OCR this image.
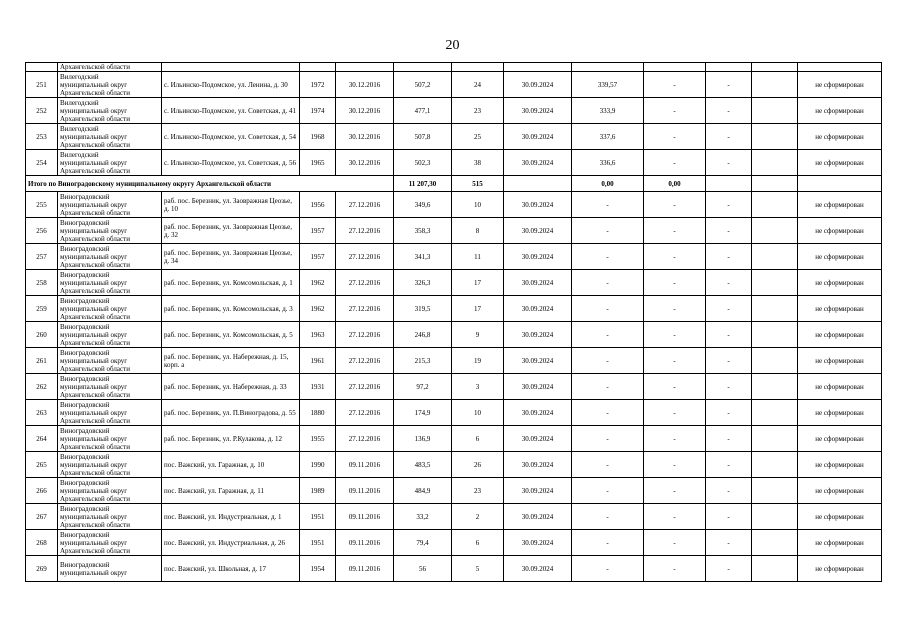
20
	Архангельской области											
251	Вилегодский
муниципальный округ
Архангельской области	с. Ильинско-Подомское, ул. Ленина, д. 30	1972	30.12.2016	507,2	24	30.09.2024	339,57	-	-		не сформирован
252	Вилегодский
муниципальный округ
Архангельской области	с. Ильинско-Подомское, ул. Советская, д. 41	1974	30.12.2016	477,1	23	30.09.2024	333,9	-	-		не сформирован
253	Вилегодский
муниципальный округ
Архангельской области	с. Ильинско-Подомское, ул. Советская, д. 54	1968	30.12.2016	507,8	25	30.09.2024	337,6	-	-		не сформирован
254	Вилегодский
муниципальный округ
Архангельской области	с. Ильинско-Подомское, ул. Советская, д. 56	1965	30.12.2016	502,3	38	30.09.2024	336,6	-	-		не сформирован
Итого по Виноградовскому муниципальному округу Архангельской области					11 207,30	515		0,00	0,00			
255	Виноградовский
муниципальный округ
Архангельской области	раб. пос. Березник, ул. Заовражная Цеозье, д. 10	1956	27.12.2016	349,6	10	30.09.2024	-	-	-		не сформирован
256	Виноградовский
муниципальный округ
Архангельской области	раб. пос. Березник, ул. Заовражная Цеозье, д. 32	1957	27.12.2016	358,3	8	30.09.2024	-	-	-		не сформирован
257	Виноградовский
муниципальный округ
Архангельской области	раб. пос. Березник, ул. Заовражная Цеозье, д. 34	1957	27.12.2016	341,3	11	30.09.2024	-	-	-		не сформирован
258	Виноградовский
муниципальный округ
Архангельской области	раб. пос. Березник, ул. Комсомольская, д. 1	1962	27.12.2016	326,3	17	30.09.2024	-	-	-		не сформирован
259	Виноградовский
муниципальный округ
Архангельской области	раб. пос. Березник, ул. Комсомольская, д. 3	1962	27.12.2016	319,5	17	30.09.2024	-	-	-		не сформирован
260	Виноградовский
муниципальный округ
Архангельской области	раб. пос. Березник, ул. Комсомольская, д. 5	1963	27.12.2016	246,8	9	30.09.2024	-	-	-		не сформирован
261	Виноградовский
муниципальный округ
Архангельской области	раб. пос. Березник, ул. Набережная, д. 15, корп. а	1961	27.12.2016	215,3	19	30.09.2024	-	-	-		не сформирован
262	Виноградовский
муниципальный округ
Архангельской области	раб. пос. Березник, ул. Набережная, д. 33	1931	27.12.2016	97,2	3	30.09.2024	-	-	-		не сформирован
263	Виноградовский
муниципальный округ
Архангельской области	раб. пос. Березник, ул. П.Виноградова, д. 55	1880	27.12.2016	174,9	10	30.09.2024	-	-	-		не сформирован
264	Виноградовский
муниципальный округ
Архангельской области	раб. пос. Березник, ул. Р.Кулакова, д. 12	1955	27.12.2016	136,9	6	30.09.2024	-	-	-		не сформирован
265	Виноградовский
муниципальный округ
Архангельской области	пос. Важский, ул. Гаражная, д. 10	1990	09.11.2016	483,5	26	30.09.2024	-	-	-		не сформирован
266	Виноградовский
муниципальный округ
Архангельской области	пос. Важский, ул. Гаражная, д. 11	1989	09.11.2016	484,9	23	30.09.2024	-	-	-		не сформирован
267	Виноградовский
муниципальный округ
Архангельской области	пос. Важский, ул. Индустриальная, д. 1	1951	09.11.2016	33,2	2	30.09.2024	-	-	-		не сформирован
268	Виноградовский
муниципальный округ
Архангельской области	пос. Важский, ул. Индустриальная, д. 26	1951	09.11.2016	79,4	6	30.09.2024	-	-	-		не сформирован
269	Виноградовский
муниципальный округ	пос. Важский, ул. Школьная, д. 17	1954	09.11.2016	56	5	30.09.2024	-	-	-		не сформирован
